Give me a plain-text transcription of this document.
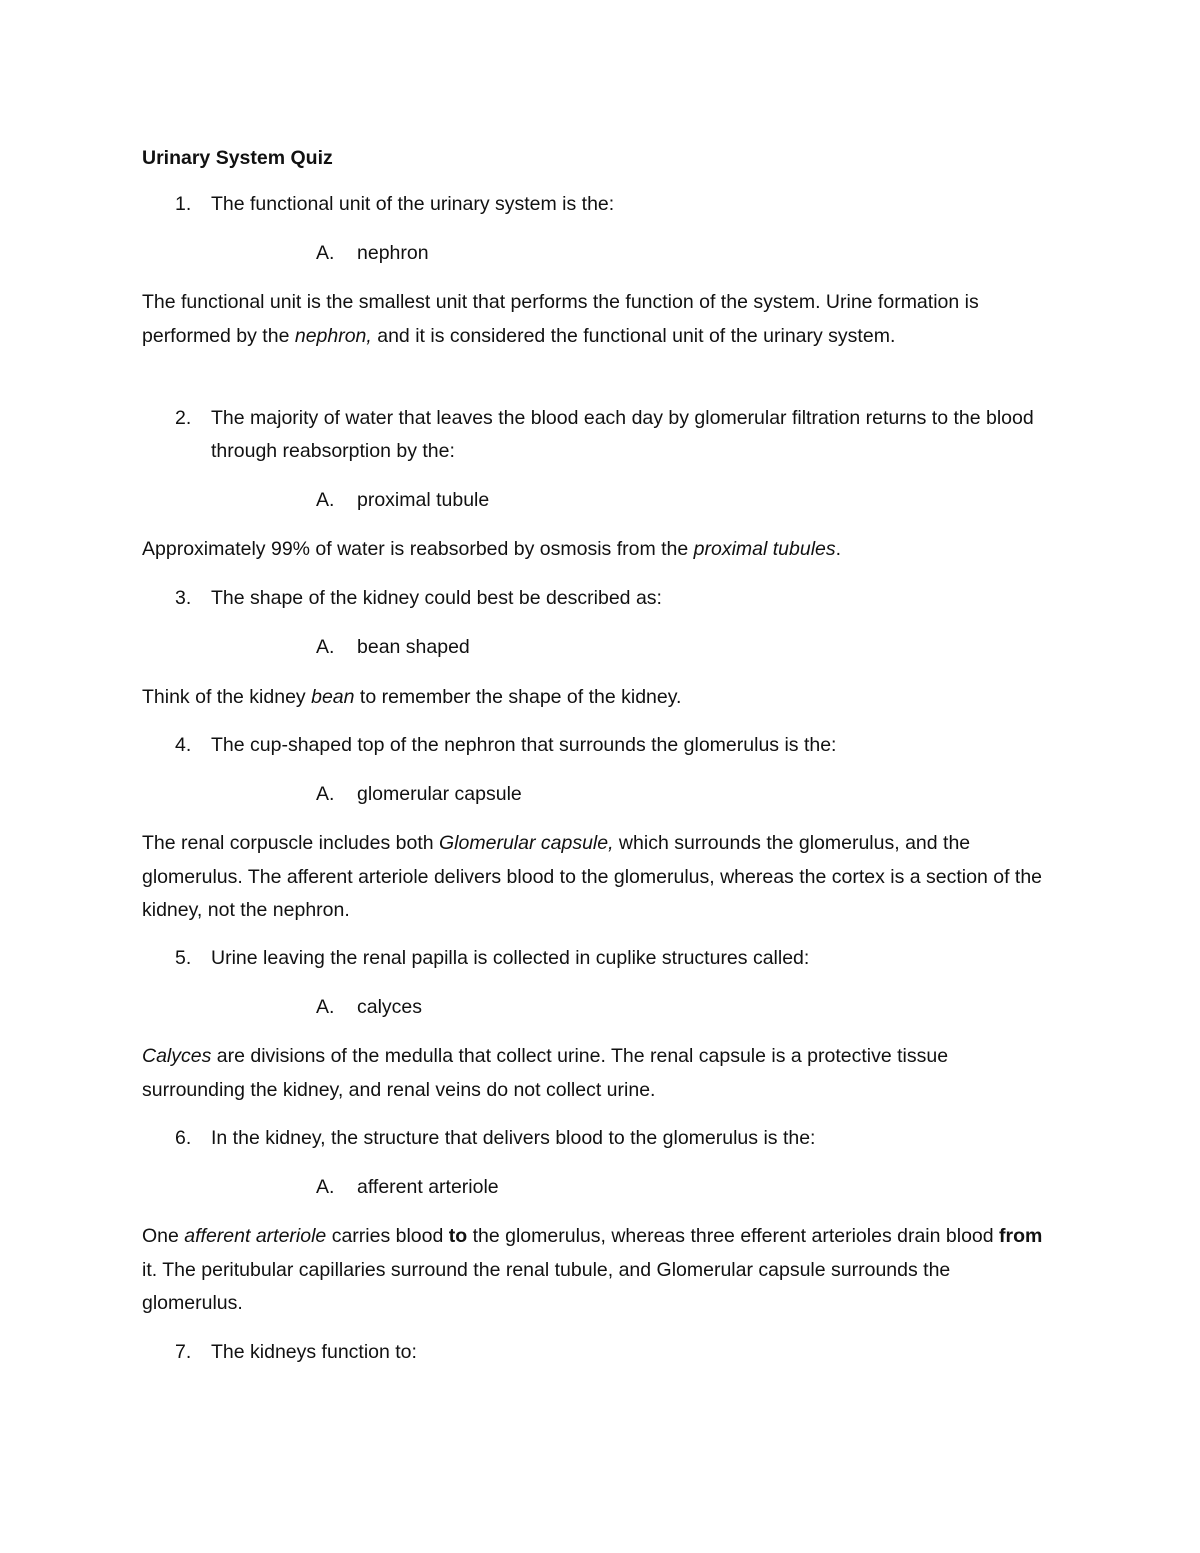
Urinary System Quiz
1. The functional unit of the urinary system is the:
A. nephron

The functional unit is the smallest unit that performs the function of the system. Urine formation is performed by the nephron, and it is considered the functional unit of the urinary system.

2. The majority of water that leaves the blood each day by glomerular filtration returns to the blood through reabsorption by the:
A. proximal tubule

Approximately 99% of water is reabsorbed by osmosis from the proximal tubules.

3. The shape of the kidney could best be described as:
A. bean shaped

Think of the kidney bean to remember the shape of the kidney.

4. The cup-shaped top of the nephron that surrounds the glomerulus is the:
A. glomerular capsule

The renal corpuscle includes both Glomerular capsule, which surrounds the glomerulus, and the glomerulus. The afferent arteriole delivers blood to the glomerulus, whereas the cortex is a section of the kidney, not the nephron.

5. Urine leaving the renal papilla is collected in cuplike structures called:
A. calyces

Calyces are divisions of the medulla that collect urine. The renal capsule is a protective tissue surrounding the kidney, and renal veins do not collect urine.

6. In the kidney, the structure that delivers blood to the glomerulus is the:
A. afferent arteriole

One afferent arteriole carries blood to the glomerulus, whereas three efferent arterioles drain blood from it. The peritubular capillaries surround the renal tubule, and Glomerular capsule surrounds the glomerulus.

7. The kidneys function to:
